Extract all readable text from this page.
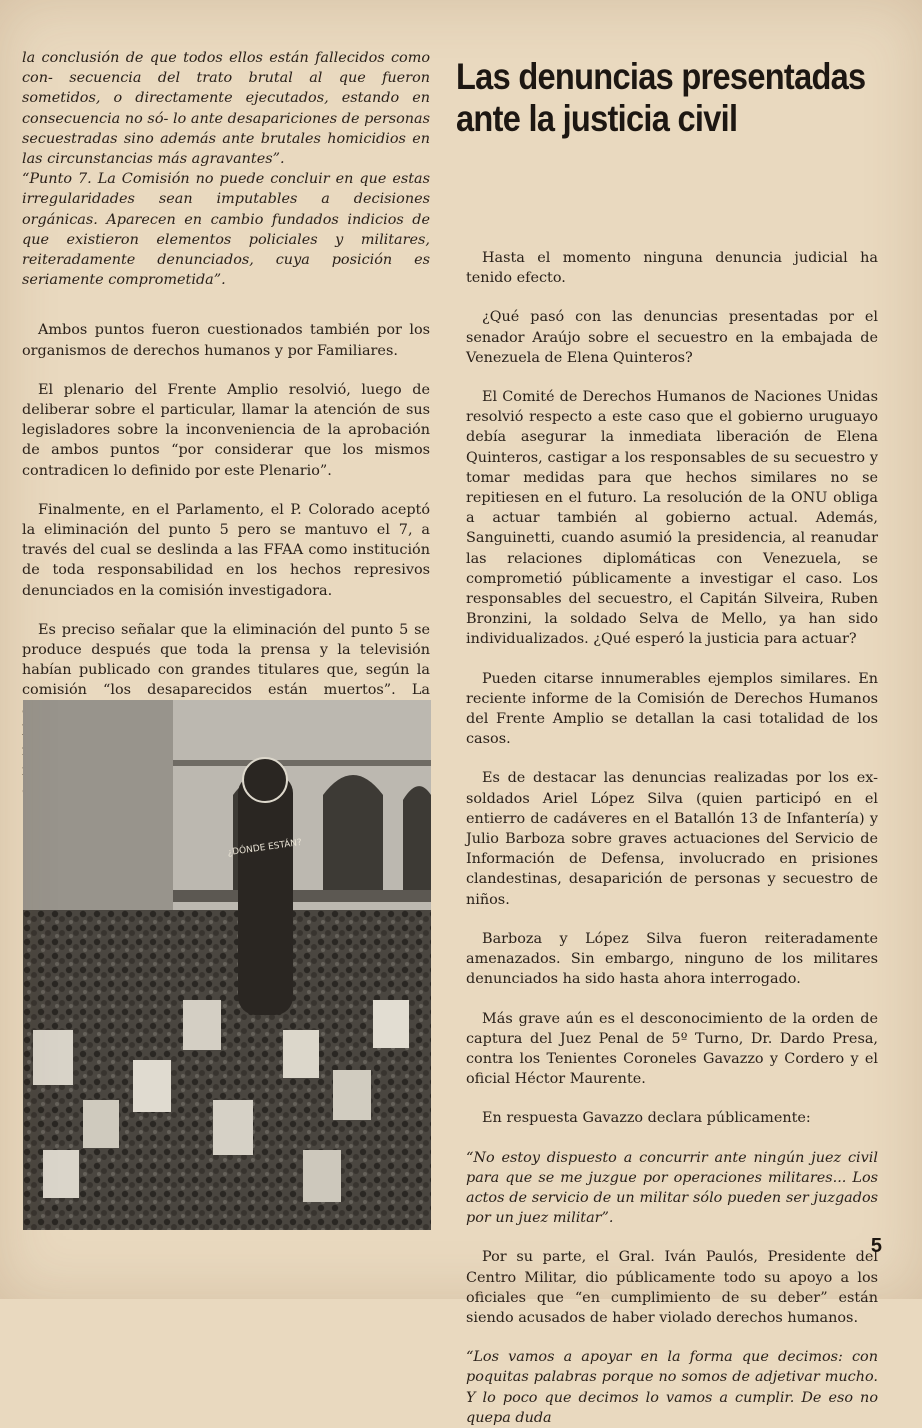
la conclusión de que todos ellos están fallecidos como con- secuencia del trato brutal al que fueron sometidos, o directamente ejecutados, estando en consecuencia no só- lo ante desapariciones de personas secuestradas sino además ante brutales homicidios en las circunstancias más agravantes”.

“Punto 7. La Comisión no puede concluir en que estas irregularidades sean imputables a decisiones orgánicas. Aparecen en cambio fundados indicios de que existieron elementos policiales y militares, reiteradamente denunciados, cuya posición es seriamente comprometida”.

Ambos puntos fueron cuestionados también por los organismos de derechos humanos y por Familiares.

El plenario del Frente Amplio resolvió, luego de deliberar sobre el particular, llamar la atención de sus legisladores sobre la inconveniencia de la aprobación de ambos puntos “por considerar que los mismos contradicen lo definido por este Plenario”.

Finalmente, en el Parlamento, el P. Colorado aceptó la eliminación del punto 5 pero se mantuvo el 7, a través del cual se deslinda a las FFAA como institución de toda responsabilidad en los hechos represivos denunciados en la comisión investigadora.

Es preciso señalar que la eliminación del punto 5 se produce después que toda la prensa y la televisión habían publicado con grandes titulares que, según la comisión “los desaparecidos están muertos”. La

Las denuncias presentadas
ante la justicia civil

Hasta el momento ninguna denuncia judicial ha tenido efecto.

¿Qué pasó con las denuncias presentadas por el senador Araújo sobre el secuestro en la embajada de Venezuela de Elena Quinteros?

El Comité de Derechos Humanos de Naciones Unidas resolvió respecto a este caso que el gobierno uruguayo debía asegurar la inmediata liberación de Elena Quinteros, castigar a los responsables de su secuestro y tomar medidas para que hechos similares no se repitiesen en el futuro. La resolución de la ONU obliga a actuar también al gobierno actual. Además, Sanguinetti, cuando asumió la presidencia, al reanudar las relaciones diplomáticas con Venezuela, se comprometió públicamente a investigar el caso. Los responsables del secuestro, el Capitán Silveira, Ruben Bronzini, la soldado Selva de Mello, ya han sido individualizados. ¿Qué esperó la justicia para actuar?

Pueden citarse innumerables ejemplos similares. En reciente informe de la Comisión de Derechos Humanos del Frente Amplio se detallan la casi totalidad de los casos.

Es de destacar las denuncias realizadas por los ex-soldados Ariel López Silva (quien participó en el entierro de cadáveres en el Batallón 13 de Infantería) y Julio Barboza sobre graves actuaciones del Servicio de Información de Defensa, involucrado en prisiones clandestinas, desaparición de personas y secuestro de niños.

Barboza y López Silva fueron reiteradamente amenazados. Sin embargo, ninguno de los militares denunciados ha sido hasta ahora interrogado.

Más grave aún es el desconocimiento de la orden de captura del Juez Penal de 5º Turno, Dr. Dardo Presa, contra los Tenientes Coroneles Gavazzo y Cordero y el oficial Héctor Maurente.

En respuesta Gavazzo declara públicamente:

“No estoy dispuesto a concurrir ante ningún juez civil para que se me juzgue por operaciones militares... Los actos de servicio de un militar sólo pueden ser juzgados por un juez militar”.

Por su parte, el Gral. Iván Paulós, Presidente del Centro Militar, dio públicamente todo su apoyo a los oficiales que “en cumplimiento de su deber” están siendo acusados de haber violado derechos humanos.

“Los vamos a apoyar en la forma que decimos: con poquitas palabras porque no somos de adjetivar mucho. Y lo poco que decimos lo vamos a cumplir. De eso no quepa duda

¿DÓNDE ESTÁN?
5
